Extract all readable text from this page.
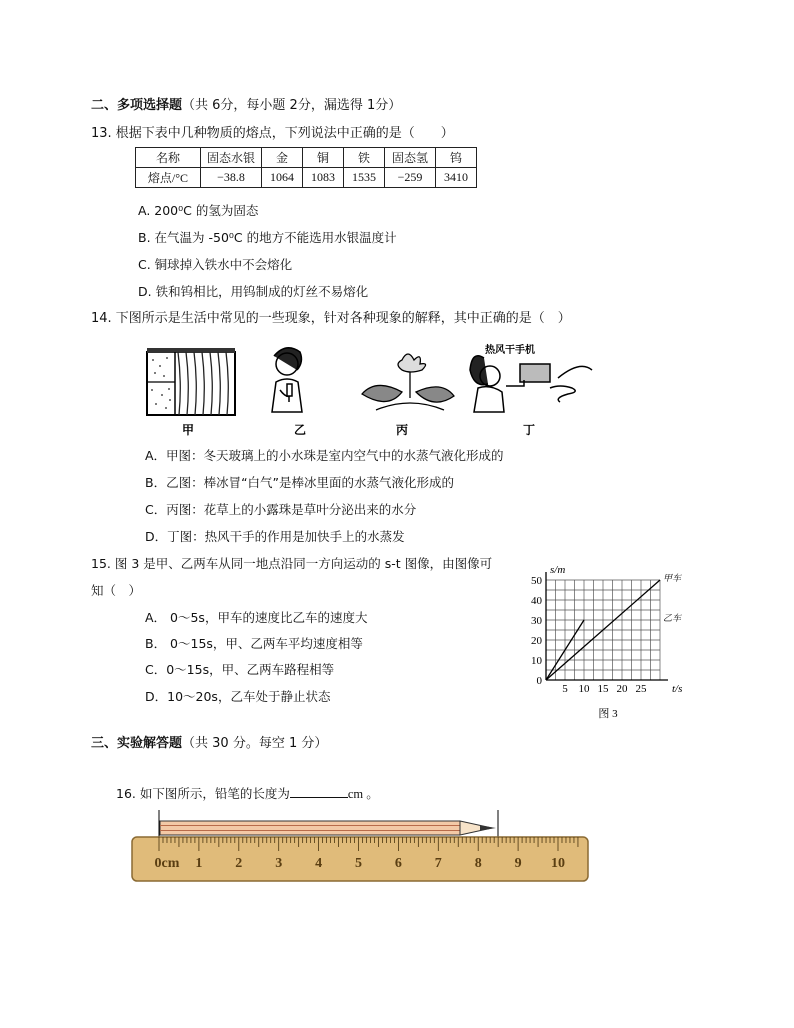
二、多项选择题（共 6分，每小题 2分，漏选得 1分）
13. 根据下表中几种物质的熔点，下列说法中正确的是（　　）
名称	固态水银	金	铜	铁	固态氢	钨
熔点/°C	−38.8	1064	1083	1535	−259	3410
A. 200⁰C 的氢为固态
B. 在气温为 -50⁰C 的地方不能选用水银温度计
C. 铜球掉入铁水中不会熔化
D. 铁和钨相比，用钨制成的灯丝不易熔化
14. 下图所示是生活中常见的一些现象，针对各种现象的解释，其中正确的是（　）
热风干手机
甲	乙	丙	丁
A．甲图：冬天玻璃上的小水珠是室内空气中的水蒸气液化形成的
B．乙图：棒冰冒“白气”是棒冰里面的水蒸气液化形成的
C．丙图：花草上的小露珠是草叶分泌出来的水分
D．丁图：热风干手的作用是加快手上的水蒸发
15. 图 3 是甲、乙两车从同一地点沿同一方向运动的 s-t 图像，由图像可
知（　）
A． 0～5s，甲车的速度比乙车的速度大
B． 0～15s，甲、乙两车平均速度相等
C．0～15s，甲、乙两车路程相等
D．10～20s，乙车处于静止状态
50
40
30
20
10
0
5 10 15 20 25
s/m
t/s
甲车
乙车
图 3
三、实验解答题（共 30 分。每空 1 分）
16. 如下图所示，铅笔的长度为	cm 。
0cm 1 2 3 4 5 6 7 8 9 10
